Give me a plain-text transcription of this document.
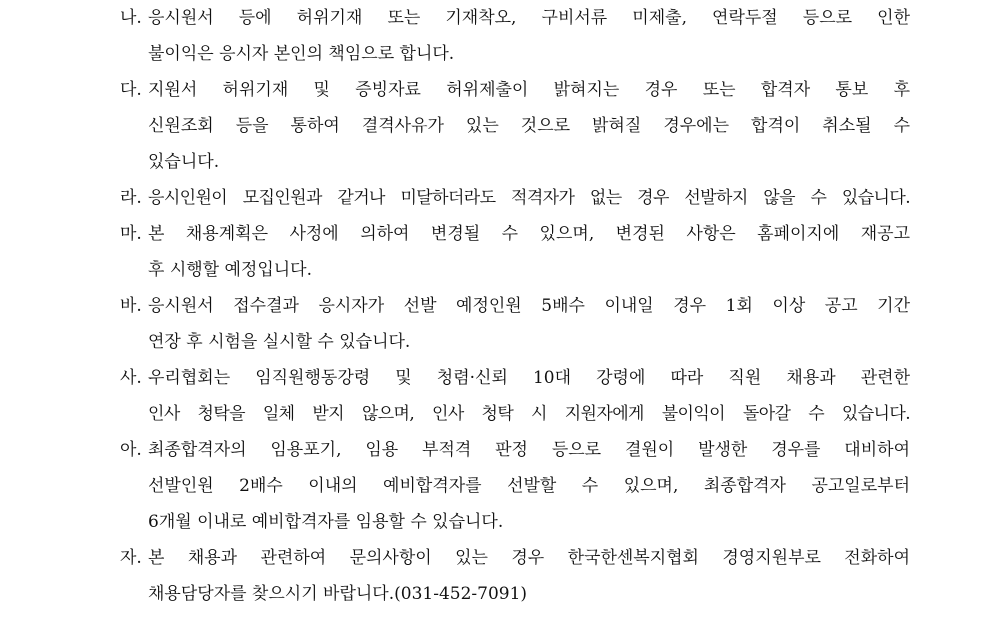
나. 응시원서 등에 허위기재 또는 기재착오, 구비서류 미제출, 연락두절 등으로 인한
불이익은 응시자 본인의 책임으로 합니다.
다. 지원서 허위기재 및 증빙자료 허위제출이 밝혀지는 경우 또는 합격자 통보 후
신원조회 등을 통하여 결격사유가 있는 것으로 밝혀질 경우에는 합격이 취소될 수
있습니다.
라. 응시인원이 모집인원과 같거나 미달하더라도 적격자가 없는 경우 선발하지 않을 수 있습니다.
마. 본 채용계획은 사정에 의하여 변경될 수 있으며, 변경된 사항은 홈페이지에 재공고
후 시행할 예정입니다.
바. 응시원서 접수결과 응시자가 선발 예정인원 5배수 이내일 경우 1회 이상 공고 기간
연장 후 시험을 실시할 수 있습니다.
사. 우리협회는 임직원행동강령 및 청렴·신뢰 10대 강령에 따라 직원 채용과 관련한
인사 청탁을 일체 받지 않으며, 인사 청탁 시 지원자에게 불이익이 돌아갈 수 있습니다.
아. 최종합격자의 임용포기, 임용 부적격 판정 등으로 결원이 발생한 경우를 대비하여
선발인원 2배수 이내의 예비합격자를 선발할 수 있으며, 최종합격자 공고일로부터
6개월 이내로 예비합격자를 임용할 수 있습니다.
자. 본 채용과 관련하여 문의사항이 있는 경우 한국한센복지협회 경영지원부로 전화하여
채용담당자를 찾으시기 바랍니다.(031-452-7091)
